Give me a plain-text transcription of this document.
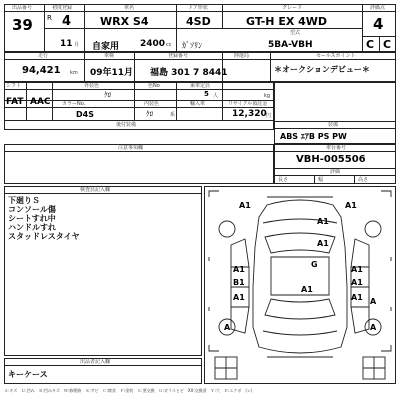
出品番号
39
初度登録
R 4
11 月
車名
WRX S4
ドア形状
4SD
グレード
GT-H EX 4WD
評価点
4
自家用 2400 cc ｶﾞｿﾘﾝ
型式
5BA-VBH	C C
走行
94,421 km
車検
09年11月
登録番号
福島 301 7 8441
陸運局	セールスポイント
＊オークションデビュー＊
シフト
FAT AAC
外装色
ｸﾛ
色No	乗車定員
5 人	kg
カラーNo.	内装色
ｸﾛ	系
輸入車	リサイクル預託金
D4S	12,320 円
後付装備	装備
ABS ｴｱB PS PW
注意事項欄	車台番号
VBH-005506
評価
長さ	幅	高さ
検査員記入欄
下廻りＳ
コンソール傷
シートすれ中
ハンドルすれ
スタッドレスタイヤ
出品者記入欄
キーケース
A1	A1
A1
A1
G
A1
B1
A1
A1
A1
A1
A1
A
A
A
Ａ:キズ　Ｕ:凹み　Ｂ:凹みキズ　Ｗ:修理跡　Ｓ:サビ　Ｃ:腐食　Ｐ:塗装　Ｘ:要交換　Ｇ:ガラスヒビ　XX:交換済　Ｙ:穴　Ｅ:エクボ　(レ)
